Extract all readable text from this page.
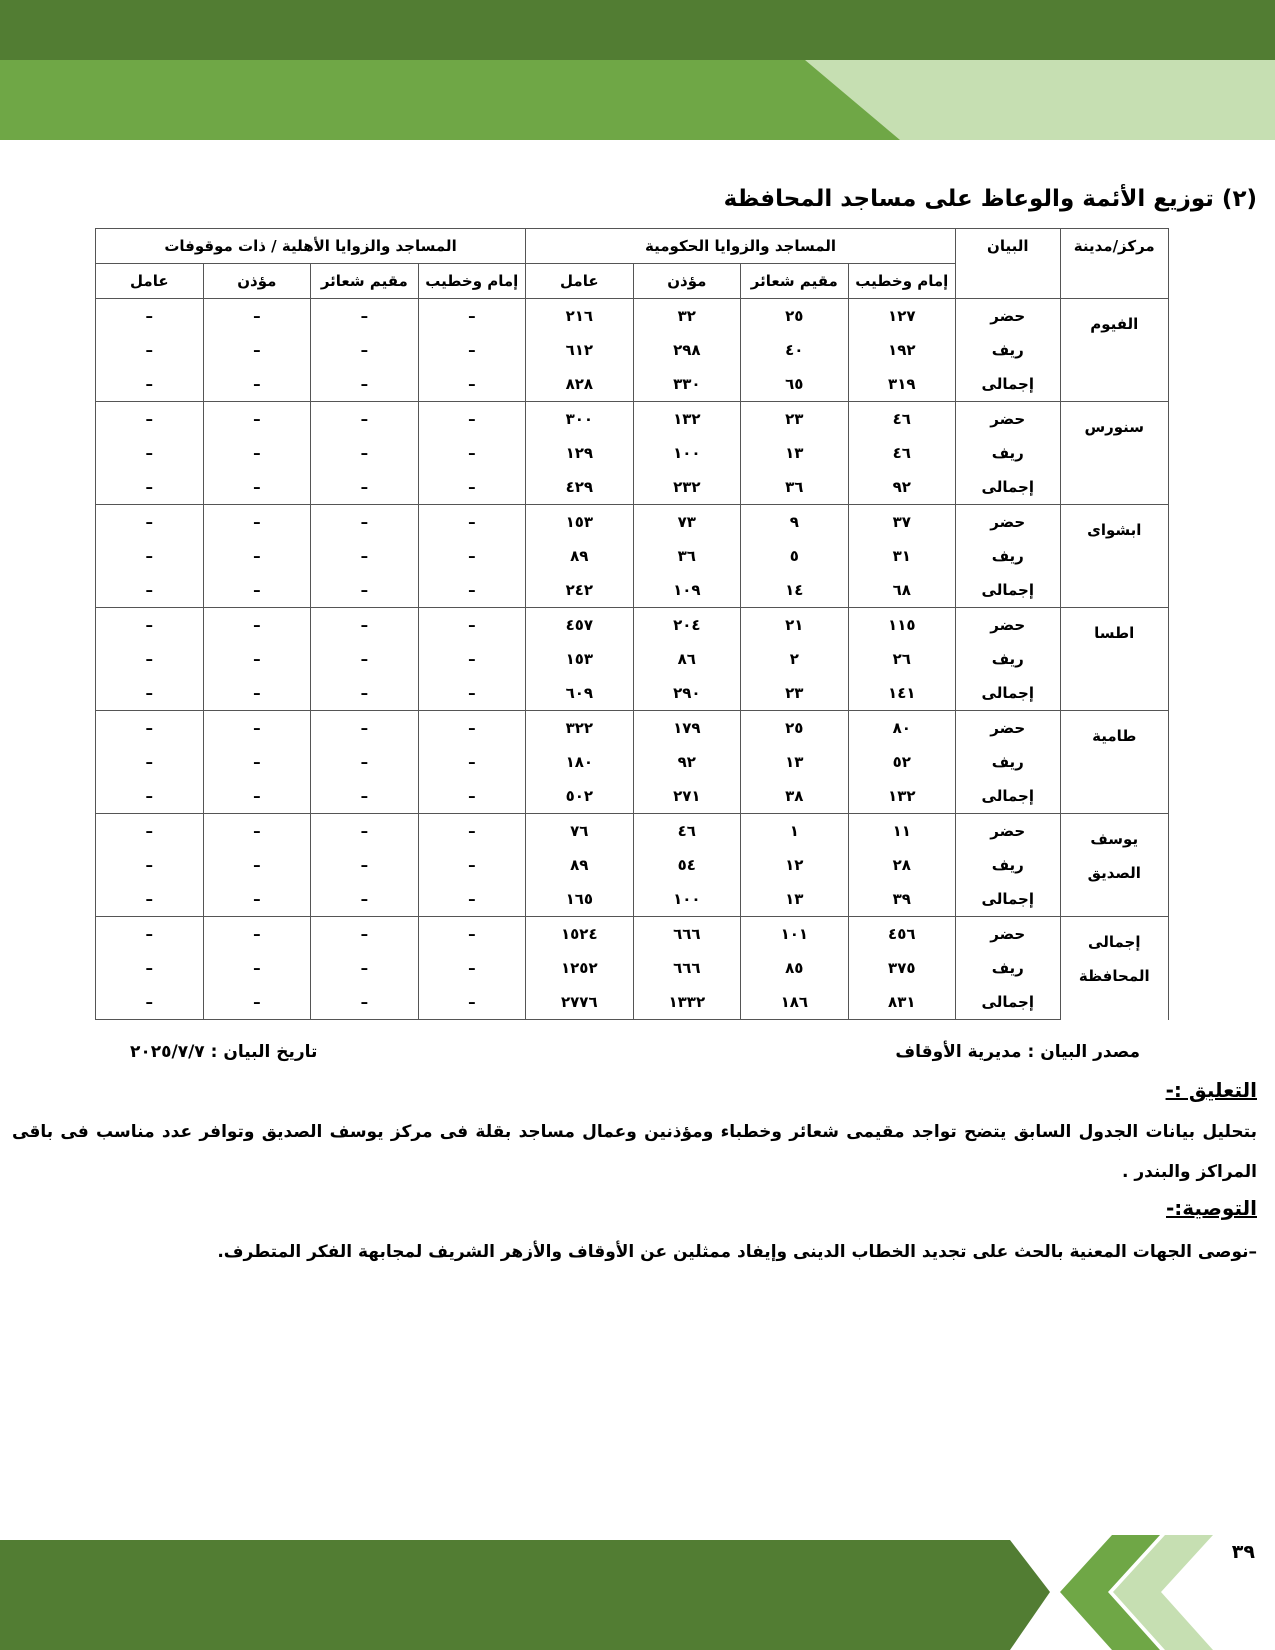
(٢) توزيع الأئمة والوعاظ على مساجد المحافظة
مركز/مدينة	البيان	المساجد والزوايا الحكومية				المساجد والزوايا الأهلية / ذات موقوفات			
		إمام وخطيب	مقيم شعائر	مؤذن	عامل	إمام وخطيب	مقيم شعائر	مؤذن	عامل

الفيوم	حضر	١٢٧	٢٥	٣٢	٢١٦	–	–	–	–
	ريف	١٩٢	٤٠	٢٩٨	٦١٢	–	–	–	–
	إجمالى	٣١٩	٦٥	٣٣٠	٨٢٨	–	–	–	–

سنورس	حضر	٤٦	٢٣	١٣٢	٣٠٠	–	–	–	–
	ريف	٤٦	١٣	١٠٠	١٢٩	–	–	–	–
	إجمالى	٩٢	٣٦	٢٣٢	٤٢٩	–	–	–	–

ابشواى	حضر	٣٧	٩	٧٣	١٥٣	–	–	–	–
	ريف	٣١	٥	٣٦	٨٩	–	–	–	–
	إجمالى	٦٨	١٤	١٠٩	٢٤٢	–	–	–	–

اطسا	حضر	١١٥	٢١	٢٠٤	٤٥٧	–	–	–	–
	ريف	٢٦	٢	٨٦	١٥٣	–	–	–	–
	إجمالى	١٤١	٢٣	٢٩٠	٦٠٩	–	–	–	–

طامية	حضر	٨٠	٢٥	١٧٩	٣٢٢	–	–	–	–
	ريف	٥٢	١٣	٩٢	١٨٠	–	–	–	–
	إجمالى	١٣٢	٣٨	٢٧١	٥٠٢	–	–	–	–

يوسف
الصديق	حضر	١١	١	٤٦	٧٦	–	–	–	–
	ريف	٢٨	١٢	٥٤	٨٩	–	–	–	–
	إجمالى	٣٩	١٣	١٠٠	١٦٥	–	–	–	–

إجمالى
المحافظة	حضر	٤٥٦	١٠١	٦٦٦	١٥٢٤	–	–	–	–
	ريف	٣٧٥	٨٥	٦٦٦	١٢٥٢	–	–	–	–
	إجمالى	٨٣١	١٨٦	١٣٣٢	٢٧٧٦	–	–	–	–
مصدر البيان : مديرية الأوقاف
تاريخ البيان : ٢٠٢٥/٧/٧
التعليق :-

بتحليل بيانات الجدول السابق يتضح تواجد مقيمى شعائر وخطباء ومؤذنين وعمال مساجد بقلة فى مركز يوسف الصديق وتوافر عدد مناسب فى باقى المراكز والبندر .

التوصية:-

–نوصى الجهات المعنية بالحث على تجديد الخطاب الدينى وإيفاد ممثلين عن الأوقاف والأزهر الشريف لمجابهة الفكر المتطرف.

٣٩
